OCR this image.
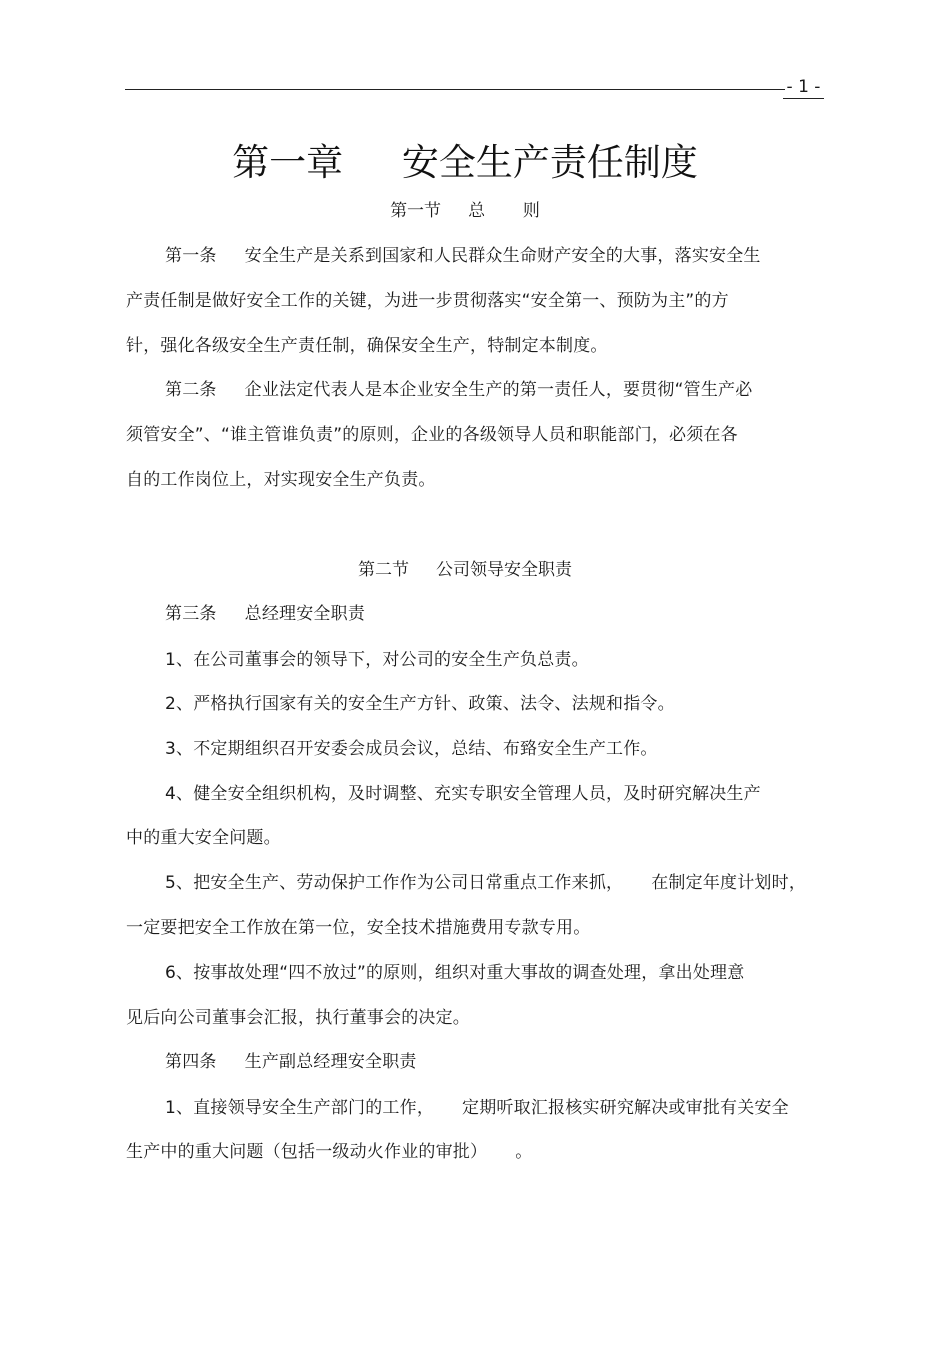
- 1 -
第一章     安全生产责任制度
第一节     总       则
第一条     安全生产是关系到国家和人民群众生命财产安全的大事，落实安全生
产责任制是做好安全工作的关键，为进一步贯彻落实“安全第一、预防为主”的方
针，强化各级安全生产责任制，确保安全生产，特制定本制度。
第二条     企业法定代表人是本企业安全生产的第一责任人，要贯彻“管生产必
须管安全”、“谁主管谁负责”的原则，企业的各级领导人员和职能部门，必须在各
自的工作岗位上，对实现安全生产负责。
第二节     公司领导安全职责
第三条     总经理安全职责
1、在公司董事会的领导下，对公司的安全生产负总责。
2、严格执行国家有关的安全生产方针、政策、法令、法规和指令。
3、不定期组织召开安委会成员会议，总结、布臵安全生产工作。
4、健全安全组织机构，及时调整、充实专职安全管理人员，及时研究解决生产
中的重大安全问题。
5、把安全生产、劳动保护工作作为公司日常重点工作来抓，     在制定年度计划时，
一定要把安全工作放在第一位，安全技术措施费用专款专用。
6、按事故处理“四不放过”的原则，组织对重大事故的调查处理，拿出处理意
见后向公司董事会汇报，执行董事会的决定。
第四条     生产副总经理安全职责
1、直接领导安全生产部门的工作，     定期听取汇报核实研究解决或审批有关安全
生产中的重大问题（包括一级动火作业的审批）     。
